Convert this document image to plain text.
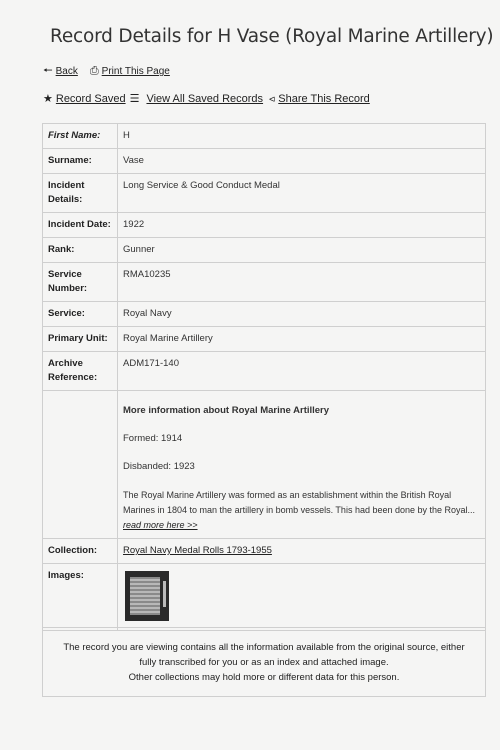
Record Details for H Vase (Royal Marine Artillery)
🠔 Back ⎙ Print This Page
★ Record Saved ☰ View All Saved Records ⪦ Share This Record
First Name:	H
Surname:	Vase
Incident Details:	Long Service & Good Conduct Medal
Incident Date:	1922
Rank:	Gunner
Service Number:	RMA10235
Service:	Royal Navy
Primary Unit:	Royal Marine Artillery
Archive Reference:	ADM171-140

	More information about Royal Marine Artillery
Formed: 1914
Disbanded: 1923
The Royal Marine Artillery was formed as an establishment within the British Royal Marines in 1804 to man the artillery in bomb vessels. This had been done by the Royal... read more here >>

Collection:	Royal Navy Medal Rolls 1793-1955
Images:	
The record you are viewing contains all the information available from the original source, either
fully transcribed for you or as an index and attached image.
Other collections may hold more or different data for this person.
